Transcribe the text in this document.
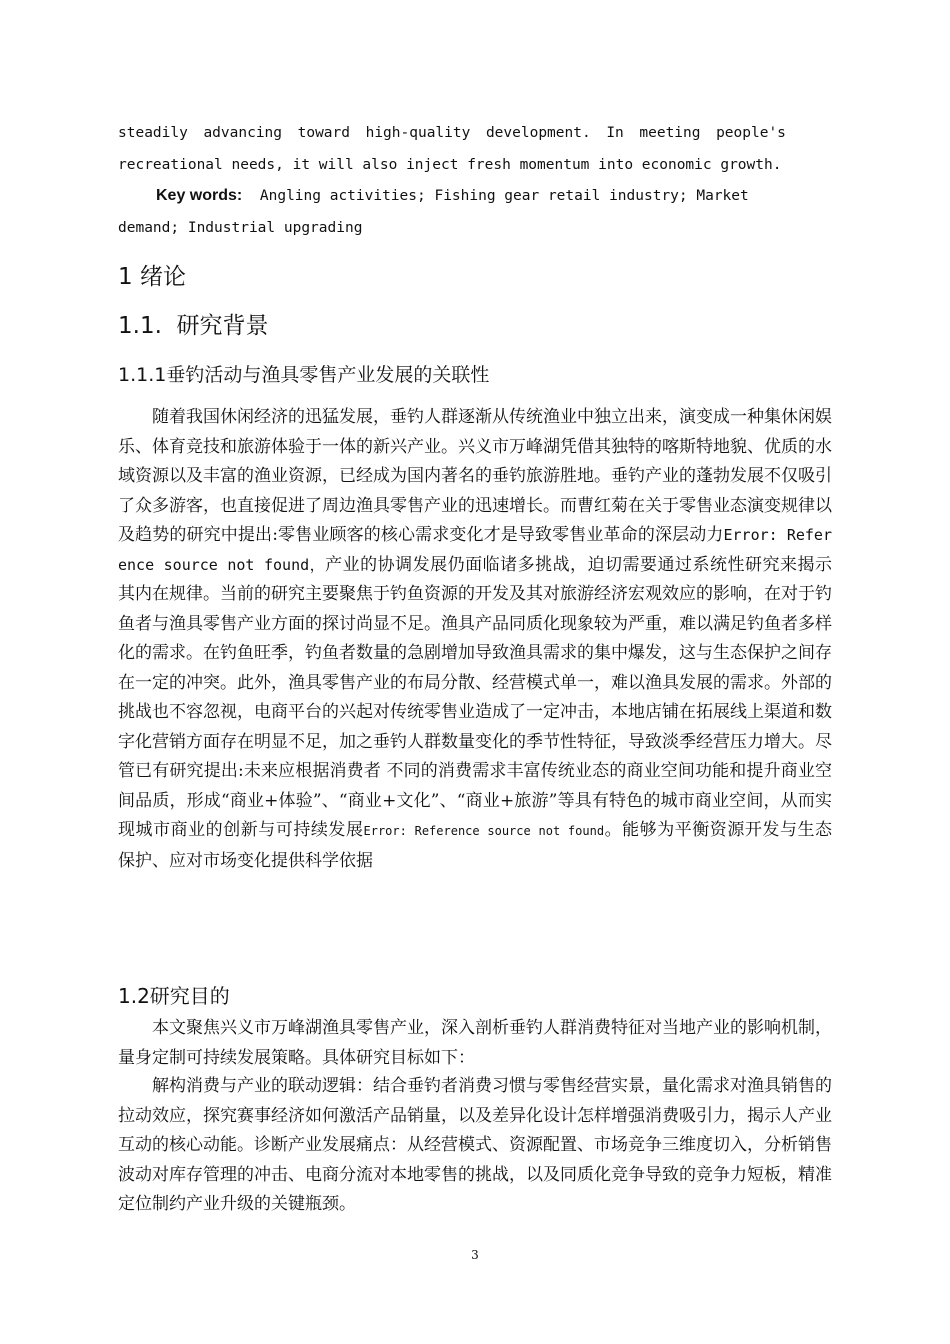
steadily advancing toward high-quality development. In meeting people's
recreational needs, it will also inject fresh momentum into economic growth.
Key words: Angling activities; Fishing gear retail industry; Market
demand; Industrial upgrading
1 绪论
1.1.  研究背景
1.1.1垂钓活动与渔具零售产业发展的关联性
随着我国休闲经济的迅猛发展，垂钓人群逐渐从传统渔业中独立出来，演变成一种集休闲娱乐、体育竞技和旅游体验于一体的新兴产业。兴义市万峰湖凭借其独特的喀斯特地貌、优质的水域资源以及丰富的渔业资源，已经成为国内著名的垂钓旅游胜地。垂钓产业的蓬勃发展不仅吸引了众多游客，也直接促进了周边渔具零售产业的迅速增长。而曹红菊在关于零售业态演变规律以及趋势的研究中提出:零售业顾客的核心需求变化才是导致零售业革命的深层动力Error: Reference source not found，产业的协调发展仍面临诸多挑战，迫切需要通过系统性研究来揭示其内在规律。当前的研究主要聚焦于钓鱼资源的开发及其对旅游经济宏观效应的影响，在对于钓鱼者与渔具零售产业方面的探讨尚显不足。渔具产品同质化现象较为严重，难以满足钓鱼者多样化的需求。在钓鱼旺季，钓鱼者数量的急剧增加导致渔具需求的集中爆发，这与生态保护之间存在一定的冲突。此外，渔具零售产业的布局分散、经营模式单一，难以渔具发展的需求。外部的挑战也不容忽视，电商平台的兴起对传统零售业造成了一定冲击，本地店铺在拓展线上渠道和数字化营销方面存在明显不足，加之垂钓人群数量变化的季节性特征，导致淡季经营压力增大。尽管已有研究提出:未来应根据消费者 不同的消费需求丰富传统业态的商业空间功能和提升商业空间品质，形成“商业+体验”、“商业+文化”、“商业+旅游”等具有特色的城市商业空间，从而实现城市商业的创新与可持续发展Error: Reference source not found。能够为平衡资源开发与生态保护、应对市场变化提供科学依据
1.2研究目的
本文聚焦兴义市万峰湖渔具零售产业，深入剖析垂钓人群消费特征对当地产业的影响机制，量身定制可持续发展策略。具体研究目标如下：
解构消费与产业的联动逻辑：结合垂钓者消费习惯与零售经营实景，量化需求对渔具销售的拉动效应，探究赛事经济如何激活产品销量，以及差异化设计怎样增强消费吸引力，揭示人产业互动的核心动能。诊断产业发展痛点：从经营模式、资源配置、市场竞争三维度切入，分析销售波动对库存管理的冲击、电商分流对本地零售的挑战，以及同质化竞争导致的竞争力短板，精准定位制约产业升级的关键瓶颈。
3
